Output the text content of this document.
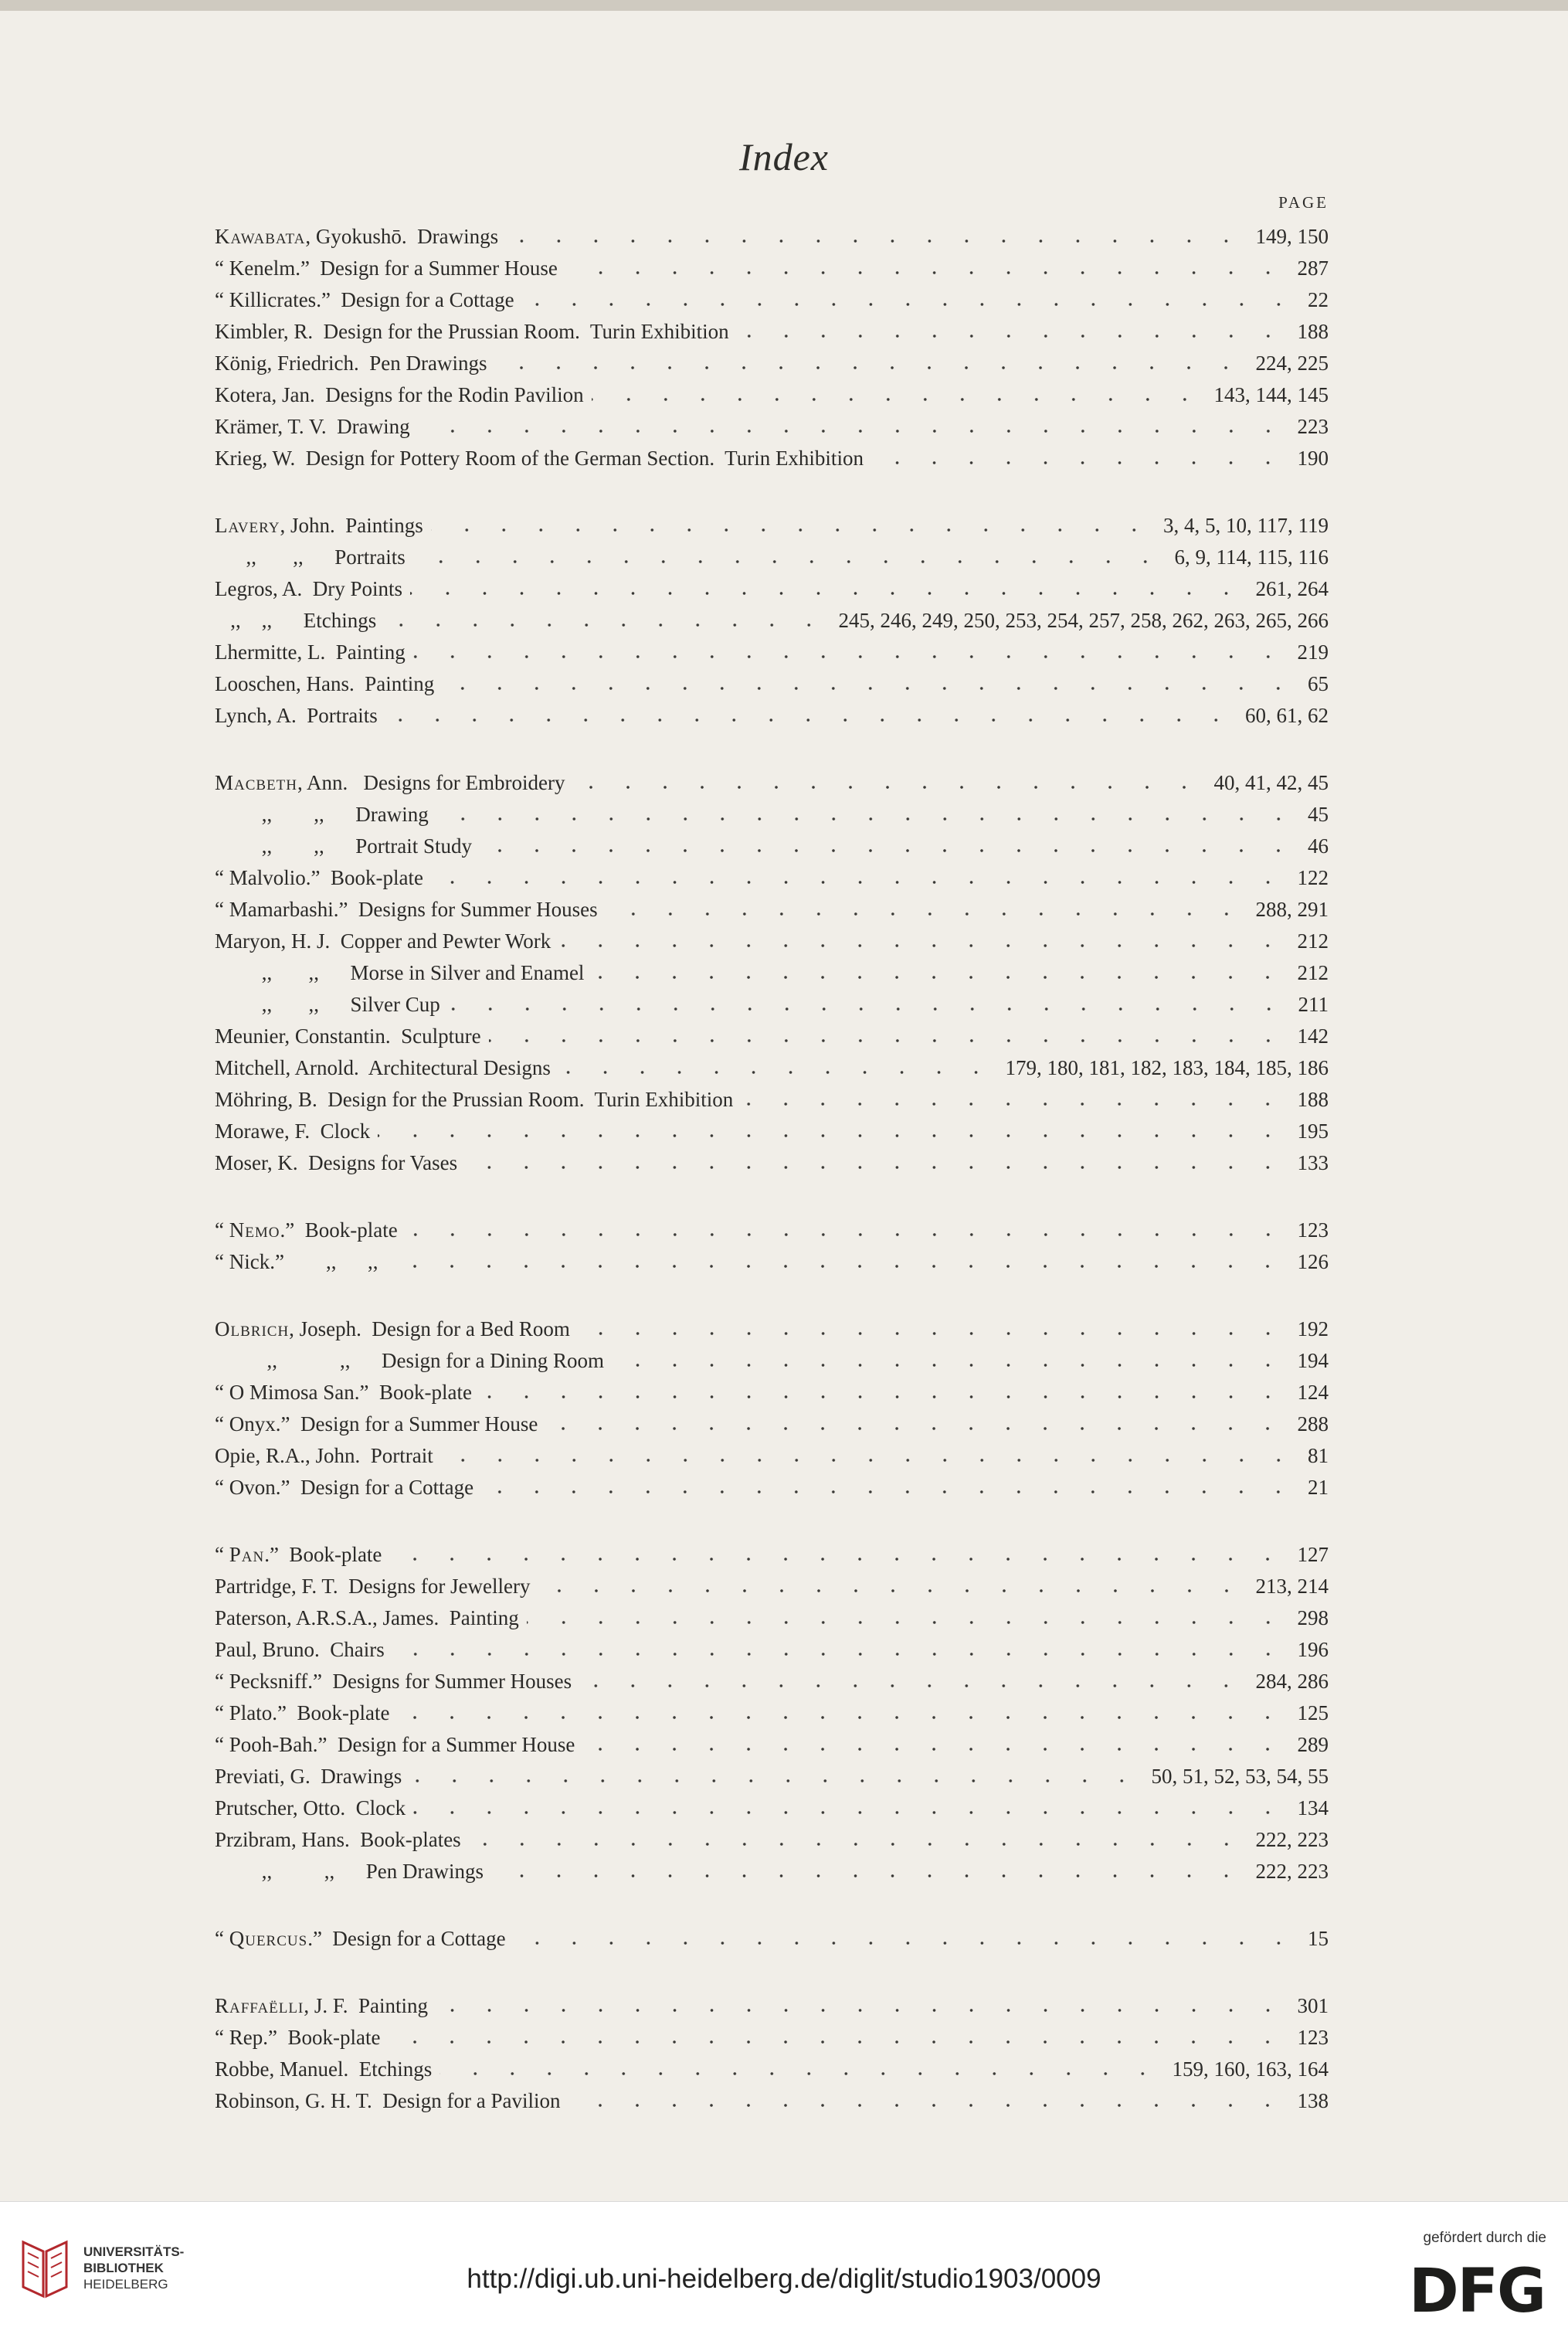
Index
PAGE
Kawabata, Gyokushō.  Drawings	149, 150
“ Kenelm.”  Design for a Summer House	287
“ Killicrates.”  Design for a Cottage	22
Kimbler, R.  Design for the Prussian Room.  Turin Exhibition	188
König, Friedrich.  Pen Drawings	224, 225
Kotera, Jan.  Designs for the Rodin Pavilion	143, 144, 145
Krämer, T. V.  Drawing	223
Krieg, W.  Design for Pottery Room of the German Section.  Turin Exhibition	190
Lavery, John.  Paintings	3, 4, 5, 10, 117, 119
,,       ,,      Portraits	6, 9, 114, 115, 116
Legros, A.  Dry Points	261, 264
,,    ,,      Etchings	245, 246, 249, 250, 253, 254, 257, 258, 262, 263, 265, 266
Lhermitte, L.  Painting	219
Looschen, Hans.  Painting	65
Lynch, A.  Portraits	60, 61, 62
Macbeth, Ann.   Designs for Embroidery	40, 41, 42, 45
,,        ,,      Drawing	45
,,        ,,      Portrait Study	46
“ Malvolio.”  Book-plate	122
“ Mamarbashi.”  Designs for Summer Houses	288, 291
Maryon, H. J.  Copper and Pewter Work	212
,,       ,,      Morse in Silver and Enamel	212
,,       ,,      Silver Cup	211
Meunier, Constantin.  Sculpture	142
Mitchell, Arnold.  Architectural Designs	179, 180, 181, 182, 183, 184, 185, 186
Möhring, B.  Design for the Prussian Room.  Turin Exhibition	188
Morawe, F.  Clock	195
Moser, K.  Designs for Vases	133
“ Nemo.”  Book-plate	123
“ Nick.”        ,,      ,,	126
Olbrich, Joseph.  Design for a Bed Room	192
,,            ,,      Design for a Dining Room	194
“ O Mimosa San.”  Book-plate	124
“ Onyx.”  Design for a Summer House	288
Opie, R.A., John.  Portrait	81
“ Ovon.”  Design for a Cottage	21
“ Pan.”  Book-plate	127
Partridge, F. T.  Designs for Jewellery	213, 214
Paterson, A.R.S.A., James.  Painting	298
Paul, Bruno.  Chairs	196
“ Pecksniff.”  Designs for Summer Houses	284, 286
“ Plato.”  Book-plate	125
“ Pooh-Bah.”  Design for a Summer House	289
Previati, G.  Drawings	50, 51, 52, 53, 54, 55
Prutscher, Otto.  Clock	134
Przibram, Hans.  Book-plates	222, 223
,,          ,,      Pen Drawings	222, 223
“ Quercus.”  Design for a Cottage	15
Raffaëlli, J. F.  Painting	301
“ Rep.”  Book-plate	123
Robbe, Manuel.  Etchings	159, 160, 163, 164
Robinson, G. H. T.  Design for a Pavilion	138
UNIVERSITÄTS-
BIBLIOTHEK
HEIDELBERG	http://digi.ub.uni-heidelberg.de/diglit/studio1903/0009
gefördert durch die
DFG
